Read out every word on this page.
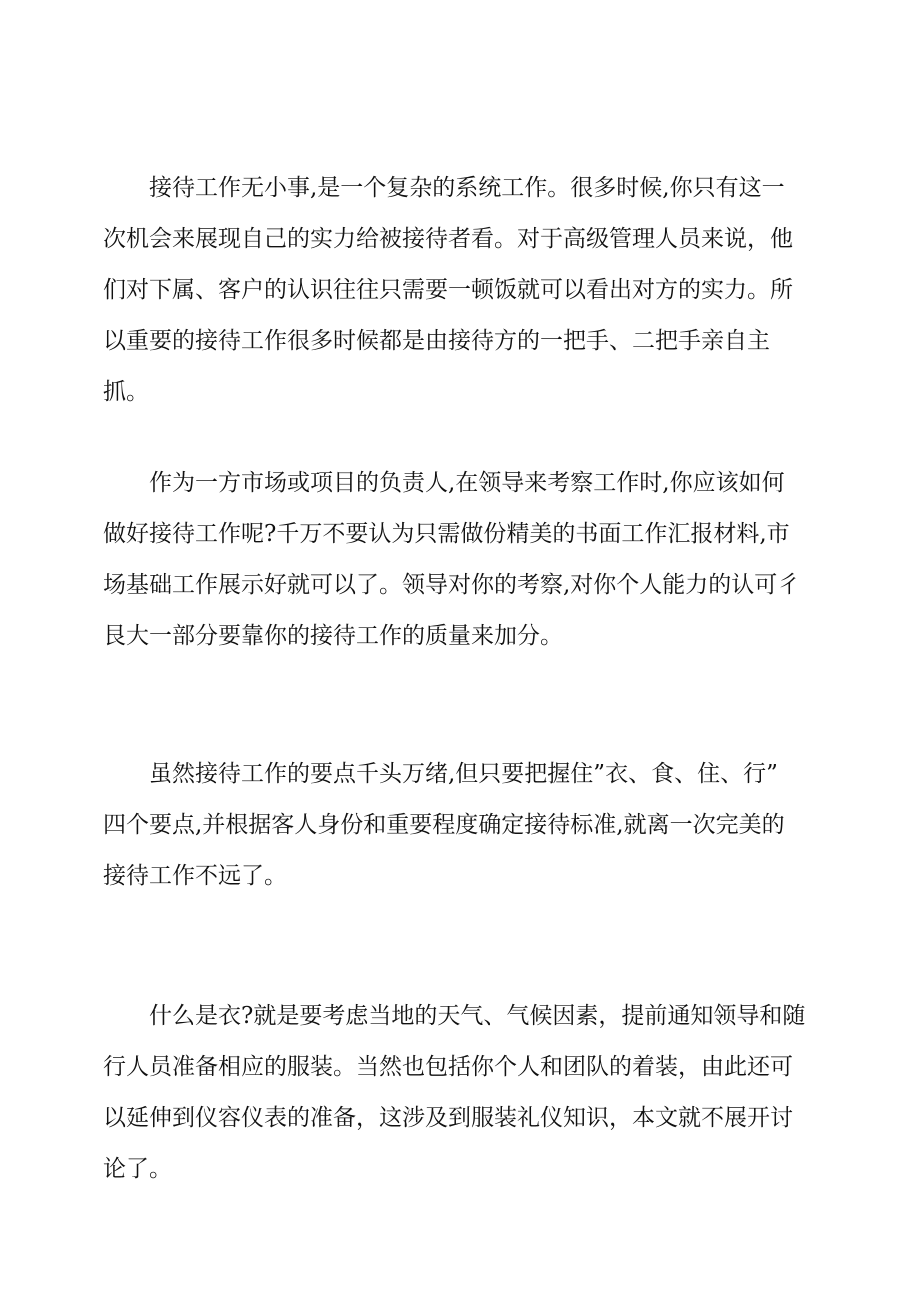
　　接待工作无小事,是一个复杂的系统工作。很多时候,你只有这一
次机会来展现自己的实力给被接待者看。对于高级管理人员来说，他
们对下属、客户的认识往往只需要一顿饭就可以看出对方的实力。所
以重要的接待工作很多时候都是由接待方的一把手、二把手亲自主
抓。
　　作为一方市场或项目的负责人,在领导来考察工作时,你应该如何
做好接待工作呢?千万不要认为只需做份精美的书面工作汇报材料,市
场基础工作展示好就可以了。领导对你的考察,对你个人能力的认可彳
艮大一部分要靠你的接待工作的质量来加分。
　　虽然接待工作的要点千头万绪,但只要把握住”衣、食、住、行”
四个要点,并根据客人身份和重要程度确定接待标准,就离一次完美的
接待工作不远了。
　　什么是衣?就是要考虑当地的天气、气候因素，提前通知领导和随
行人员准备相应的服装。当然也包括你个人和团队的着装，由此还可
以延伸到仪容仪表的准备，这涉及到服装礼仪知识，本文就不展开讨
论了。
